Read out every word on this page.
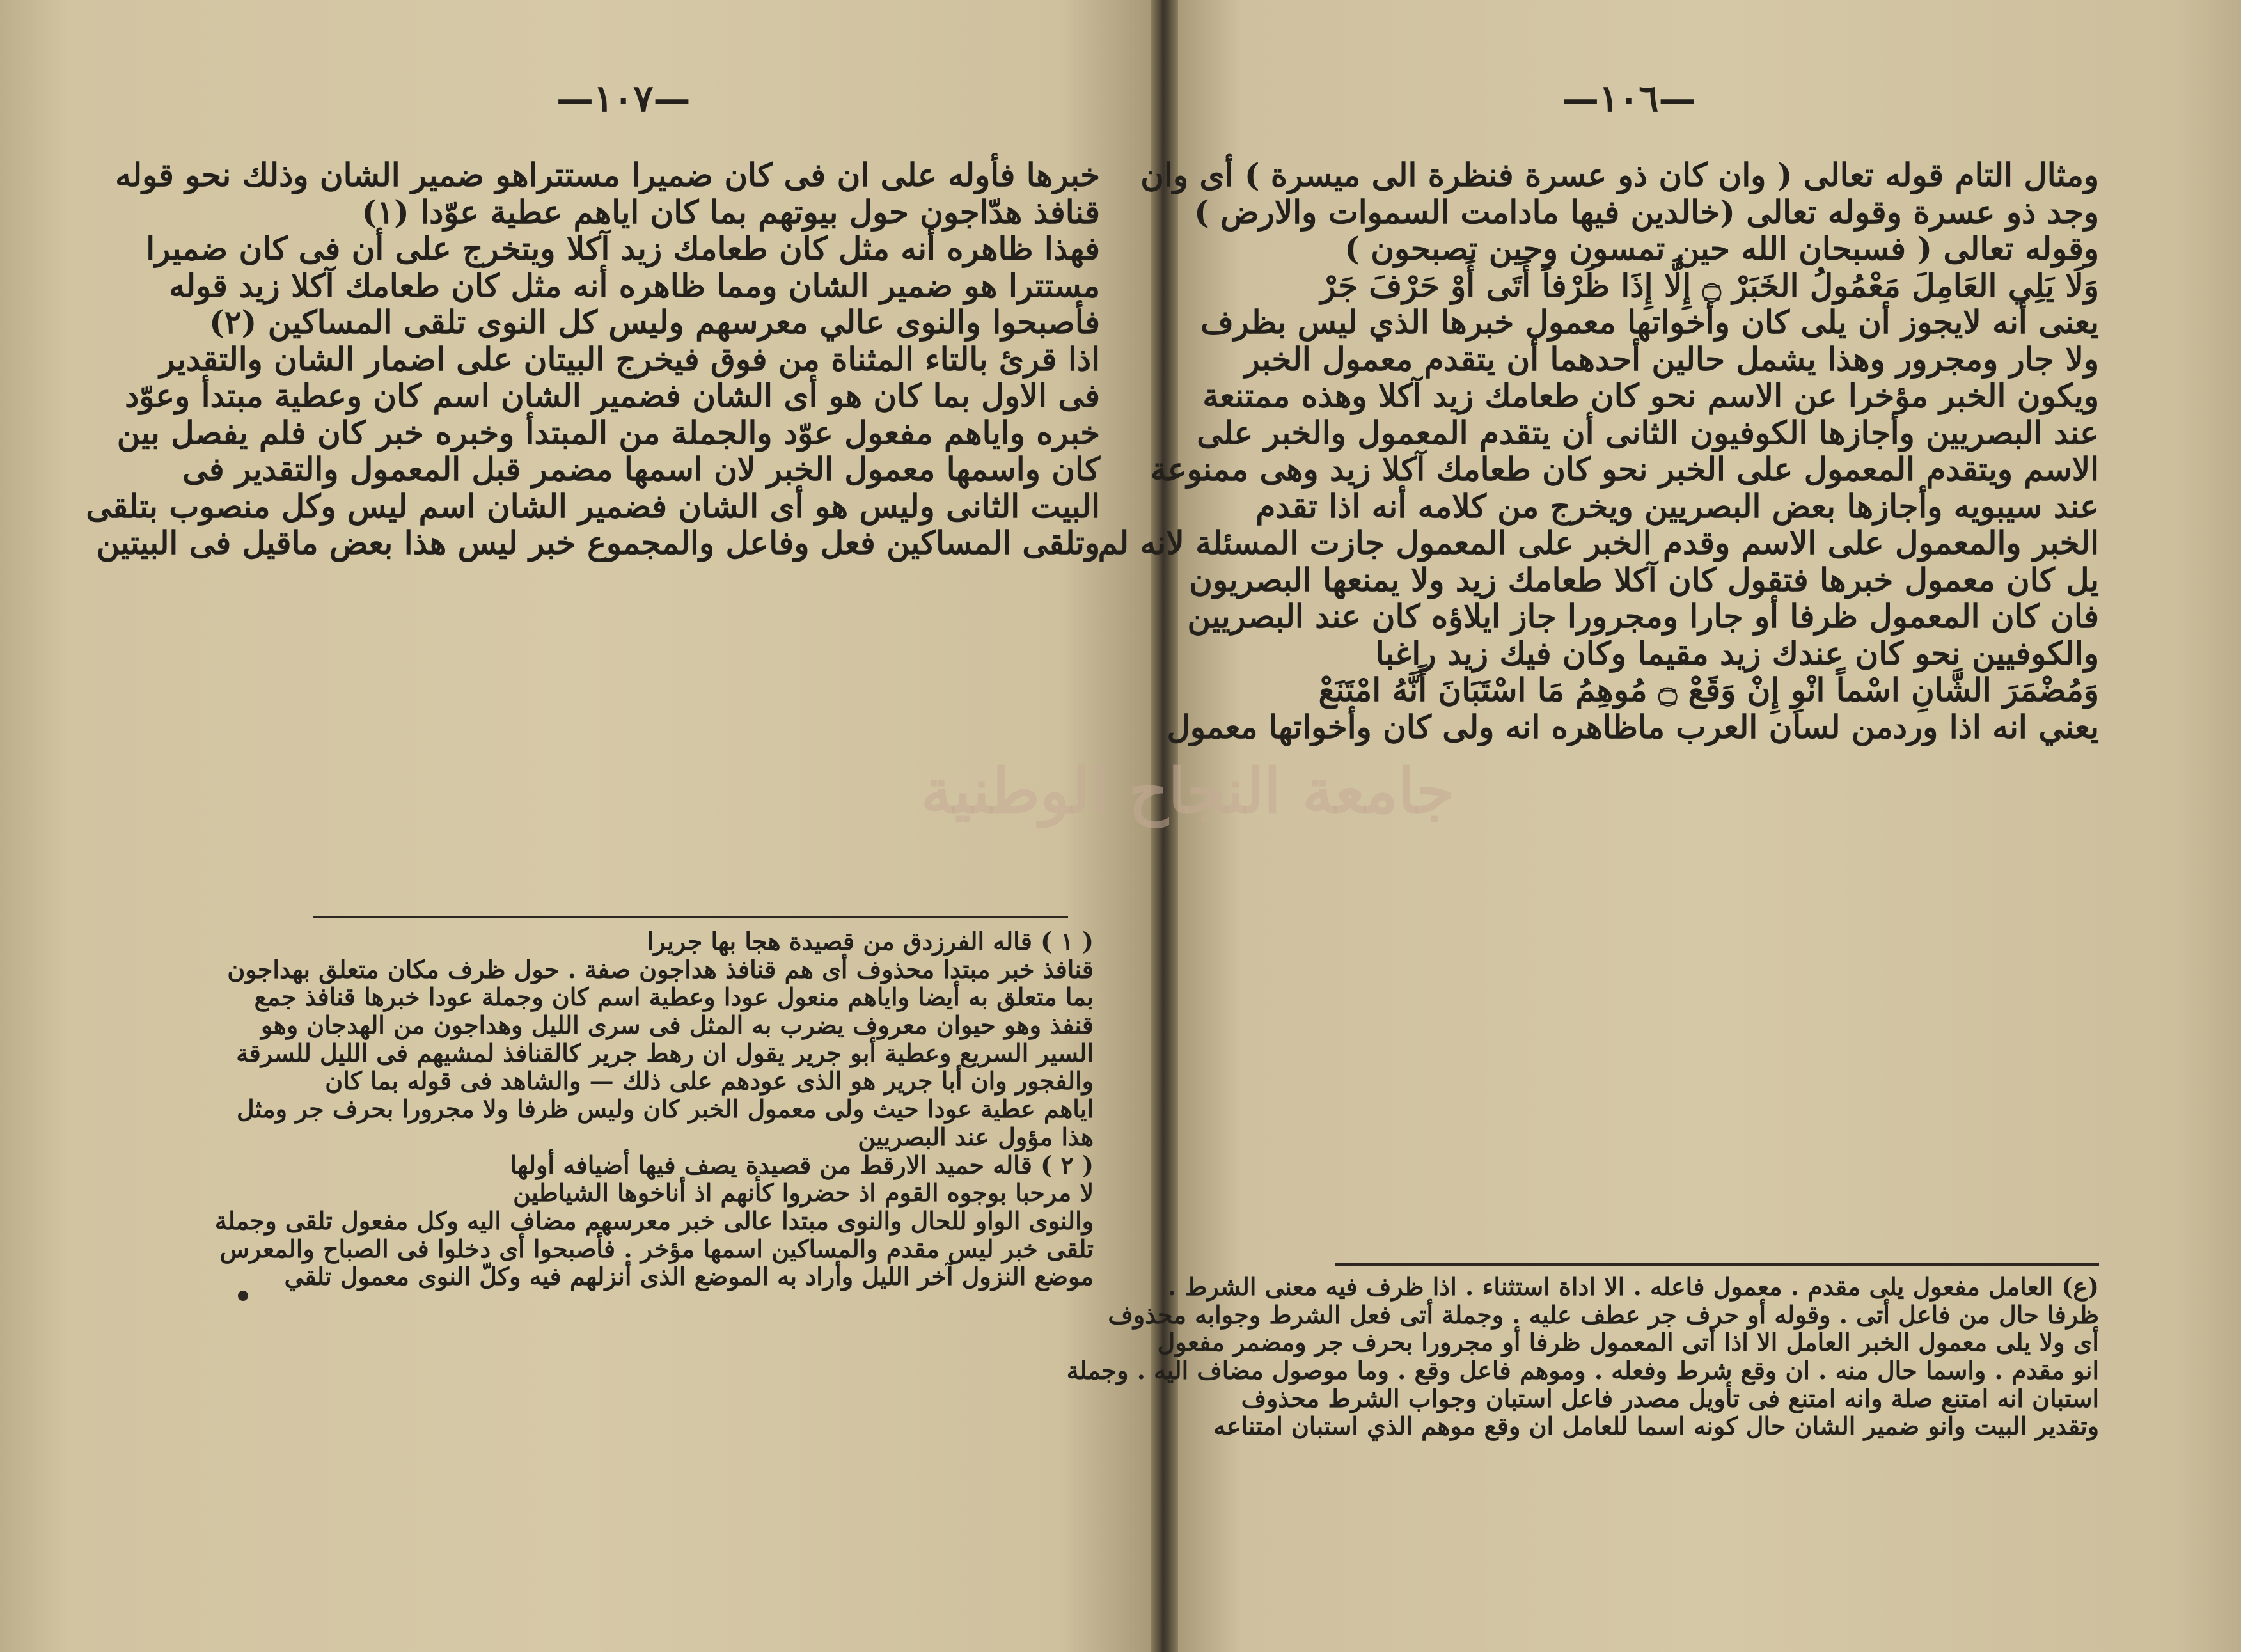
—١٠٧—

خبرها فأوله على ان فى كان ضميرا مستتراهو ضمير الشان وذلك نحو قوله

قنافذ هدّاجون حول بيوتهم بما كان اياهم عطية عوّدا (١)

فهذا ظاهره أنه مثل كان طعامك زيد آكلا ويتخرج على أن فى كان ضميرا

مستترا هو ضمير الشان ومما ظاهره أنه مثل كان طعامك آكلا زيد قوله

فأصبحوا والنوى عالي معرسهم وليس كل النوى تلقى المساكين (٢)

اذا قرئ بالتاء المثناة من فوق فيخرج البيتان على اضمار الشان والتقدير

فى الاول بما كان هو أى الشان فضمير الشان اسم كان وعطية مبتدأ وعوّد

خبره واياهم مفعول عوّد والجملة من المبتدأ وخبره خبر كان فلم يفصل بين

كان واسمها معمول الخبر لان اسمها مضمر قبل المعمول والتقدير فى

البيت الثانى وليس هو أى الشان فضمير الشان اسم ليس وكل منصوب بتلقى

وتلقى المساكين فعل وفاعل والمجموع خبر ليس هذا بعض ماقيل فى البيتين

( ١ ) قاله الفرزدق من قصيدة هجا بها جريرا

قنافذ خبر مبتدا محذوف أى هم قنافذ هداجون صفة . حول ظرف مكان متعلق بهداجون

بما متعلق به أيضا واياهم منعول عودا وعطية اسم كان وجملة عودا خبرها قنافذ جمع

قنفذ وهو حيوان معروف يضرب به المثل فى سرى الليل وهداجون من الهدجان وهو

السير السريع وعطية أبو جرير يقول ان رهط جرير كالقنافذ لمشيهم فى الليل للسرقة

والفجور وان أبا جرير هو الذى عودهم على ذلك — والشاهد فى قوله بما كان

اياهم عطية عودا حيث ولى معمول الخبر كان وليس ظرفا ولا مجرورا بحرف جر ومثل

هذا مؤول عند البصريين

( ٢ ) قاله حميد الارقط من قصيدة يصف فيها أضيافه أولها

لا مرحبا بوجوه القوم اذ حضروا كأنهم اذ أناخوها الشياطين

والنوى الواو للحال والنوى مبتدا عالى خبر معرسهم مضاف اليه وكل مفعول تلقى وجملة

تلقى خبر ليس مقدم والمساكين اسمها مؤخر . فأصبحوا أى دخلوا فى الصباح والمعرس

موضع النزول آخر الليل وأراد به الموضع الذى أنزلهم فيه وكلّ النوى معمول تلقي

—١٠٦—

ومثال التام قوله تعالى ( وان كان ذو عسرة فنظرة الى ميسرة ) أى وان

وجد ذو عسرة وقوله تعالى (خالدين فيها مادامت السموات والارض )

وقوله تعالى ( فسبحان الله حين تمسون وحين تصبحون )

وَلَا يَلِي العَامِلَ مَعْمُولُ الخَبَرْ ۝ إِلَّا إِذَا ظَرْفاً أَتَى أَوْ حَرْفَ جَرْ

يعنى أنه لايجوز أن يلى كان وأخواتها معمول خبرها الذي ليس بظرف

ولا جار ومجرور وهذا يشمل حالين أحدهما أن يتقدم معمول الخبر

ويكون الخبر مؤخرا عن الاسم نحو كان طعامك زيد آكلا وهذه ممتنعة

عند البصريين وأجازها الكوفيون الثانى أن يتقدم المعمول والخبر على

الاسم ويتقدم المعمول على الخبر نحو كان طعامك آكلا زيد وهى ممنوعة

عند سيبويه وأجازها بعض البصريين ويخرج من كلامه أنه اذا تقدم

الخبر والمعمول على الاسم وقدم الخبر على المعمول جازت المسئلة لانه لم

يل كان معمول خبرها فتقول كان آكلا طعامك زيد ولا يمنعها البصريون

فان كان المعمول ظرفا أو جارا ومجرورا جاز ايلاؤه كان عند البصريين

والكوفيين نحو كان عندك زيد مقيما وكان فيك زيد راغبا

وَمُضْمَرَ الشَّانِ اسْماً انْوِ إِنْ وَقَعْ ۝ مُوهِمُ مَا اسْتَبَانَ أَنَّهُ امْتَنَعْ

يعني انه اذا وردمن لسان العرب ماظاهره انه ولى كان وأخواتها معمول

(ع) العامل مفعول يلى مقدم . معمول فاعله . الا اداة استثناء . اذا ظرف فيه معنى الشرط .

ظرفا حال من فاعل أتى . وقوله أو حرف جر عطف عليه . وجملة أتى فعل الشرط وجوابه محذوف

أى ولا يلى معمول الخبر العامل الا اذا أتى المعمول ظرفا أو مجرورا بحرف جر ومضمر مفعول

انو مقدم . واسما حال منه . ان وقع شرط وفعله . وموهم فاعل وقع . وما موصول مضاف اليه . وجملة

استبان انه امتنع صلة وانه امتنع فى تأويل مصدر فاعل استبان وجواب الشرط محذوف

وتقدير البيت وانو ضمير الشان حال كونه اسما للعامل ان وقع موهم الذي استبان امتناعه

جامعة النجاح الوطنية
